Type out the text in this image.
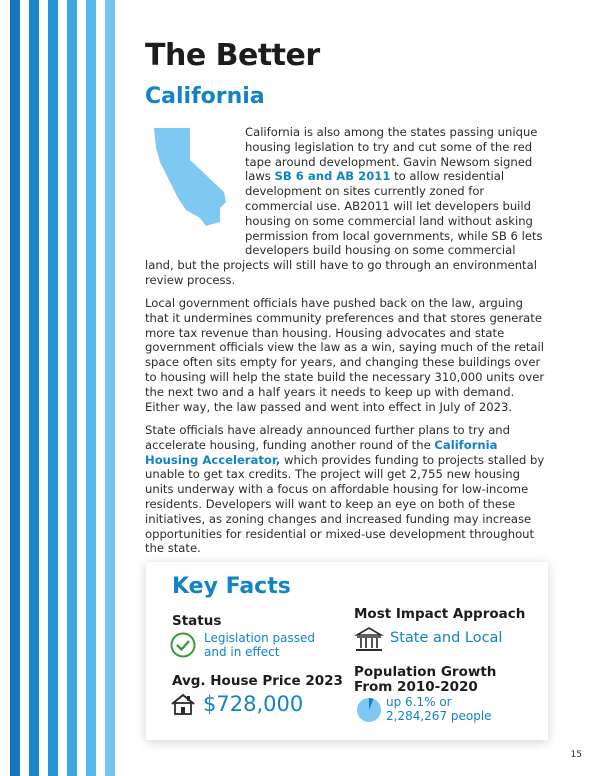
The Better
California

California is also among the states passing unique housing legislation to try and cut some of the red tape around development. Gavin Newsom signed laws SB 6 and AB 2011 to allow residential development on sites currently zoned for commercial use. AB2011 will let developers build housing on some commercial land without asking permission from local governments, while SB 6 lets developers build housing on some commercial land, but the projects will still have to go through an environmental review process.

Local government officials have pushed back on the law, arguing that it undermines community preferences and that stores generate more tax revenue than housing. Housing advocates and state government officials view the law as a win, saying much of the retail space often sits empty for years, and changing these buildings over to housing will help the state build the necessary 310,000 units over the next two and a half years it needs to keep up with demand. Either way, the law passed and went into effect in July of 2023.

State officials have already announced further plans to try and accelerate housing, funding another round of the California Housing Accelerator, which provides funding to projects stalled by unable to get tax credits. The project will get 2,755 new housing units underway with a focus on affordable housing for low-income residents. Developers will want to keep an eye on both of these initiatives, as zoning changes and increased funding may increase opportunities for residential or mixed-use development throughout the state.

Key Facts

Status

Legislation passed and in effect

Avg. House Price 2023

$728,000

Most Impact Approach

State and Local

Population Growth From 2010-2020

up 6.1% or
2,284,267 people

15
